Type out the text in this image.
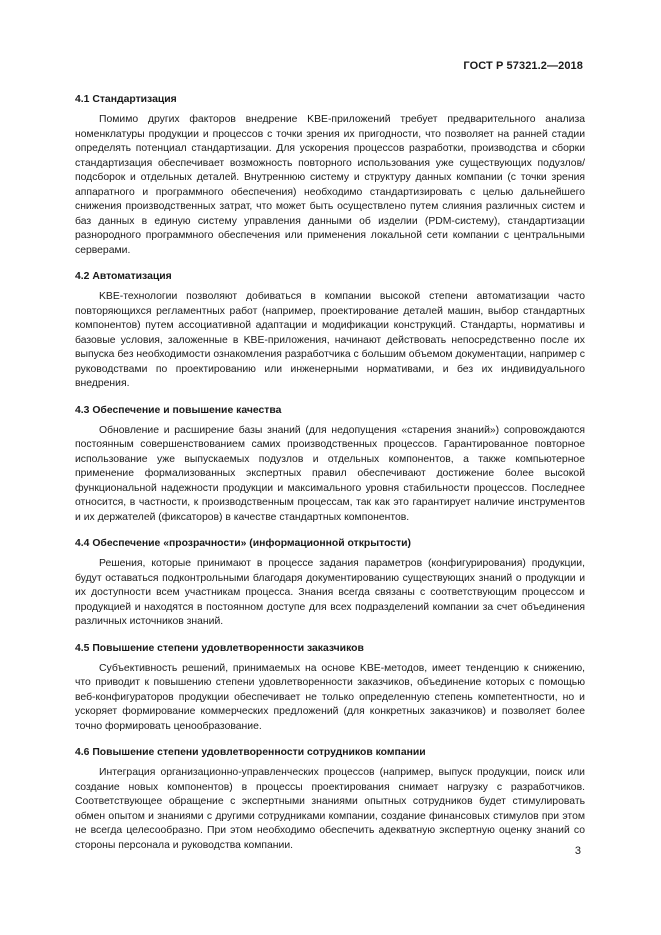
ГОСТ Р 57321.2—2018
4.1 Стандартизация

Помимо других факторов внедрение KBE-приложений требует предварительного анализа номенклатуры продукции и процессов с точки зрения их пригодности, что позволяет на ранней стадии определять потенциал стандартизации. Для ускорения процессов разработки, производства и сборки стандартизация обеспечивает возможность повторного использования уже существующих подузлов/подсборок и отдельных деталей. Внутреннюю систему и структуру данных компании (с точки зрения аппаратного и программного обеспечения) необходимо стандартизировать с целью дальнейшего снижения производственных затрат, что может быть осуществлено путем слияния различных систем и баз данных в единую систему управления данными об изделии (PDM-систему), стандартизации разнородного программного обеспечения или применения локальной сети компании с центральными серверами.

4.2 Автоматизация

KBE-технологии позволяют добиваться в компании высокой степени автоматизации часто повторяющихся регламентных работ (например, проектирование деталей машин, выбор стандартных компонентов) путем ассоциативной адаптации и модификации конструкций. Стандарты, нормативы и базовые условия, заложенные в KBE-приложения, начинают действовать непосредственно после их выпуска без необходимости ознакомления разработчика с большим объемом документации, например с руководствами по проектированию или инженерными нормативами, и без их индивидуального внедрения.

4.3 Обеспечение и повышение качества

Обновление и расширение базы знаний (для недопущения «старения знаний») сопровождаются постоянным совершенствованием самих производственных процессов. Гарантированное повторное использование уже выпускаемых подузлов и отдельных компонентов, а также компьютерное применение формализованных экспертных правил обеспечивают достижение более высокой функциональной надежности продукции и максимального уровня стабильности процессов. Последнее относится, в частности, к производственным процессам, так как это гарантирует наличие инструментов и их держателей (фиксаторов) в качестве стандартных компонентов.

4.4 Обеспечение «прозрачности» (информационной открытости)

Решения, которые принимают в процессе задания параметров (конфигурирования) продукции, будут оставаться подконтрольными благодаря документированию существующих знаний о продукции и их доступности всем участникам процесса. Знания всегда связаны с соответствующим процессом и продукцией и находятся в постоянном доступе для всех подразделений компании за счет объединения различных источников знаний.

4.5 Повышение степени удовлетворенности заказчиков

Субъективность решений, принимаемых на основе KBE-методов, имеет тенденцию к снижению, что приводит к повышению степени удовлетворенности заказчиков, объединение которых с помощью веб-конфигураторов продукции обеспечивает не только определенную степень компетентности, но и ускоряет формирование коммерческих предложений (для конкретных заказчиков) и позволяет более точно формировать ценообразование.

4.6 Повышение степени удовлетворенности сотрудников компании

Интеграция организационно-управленческих процессов (например, выпуск продукции, поиск или создание новых компонентов) в процессы проектирования снимает нагрузку с разработчиков. Соответствующее обращение с экспертными знаниями опытных сотрудников будет стимулировать обмен опытом и знаниями с другими сотрудниками компании, создание финансовых стимулов при этом не всегда целесообразно. При этом необходимо обеспечить адекватную экспертную оценку знаний со стороны персонала и руководства компании.	3
